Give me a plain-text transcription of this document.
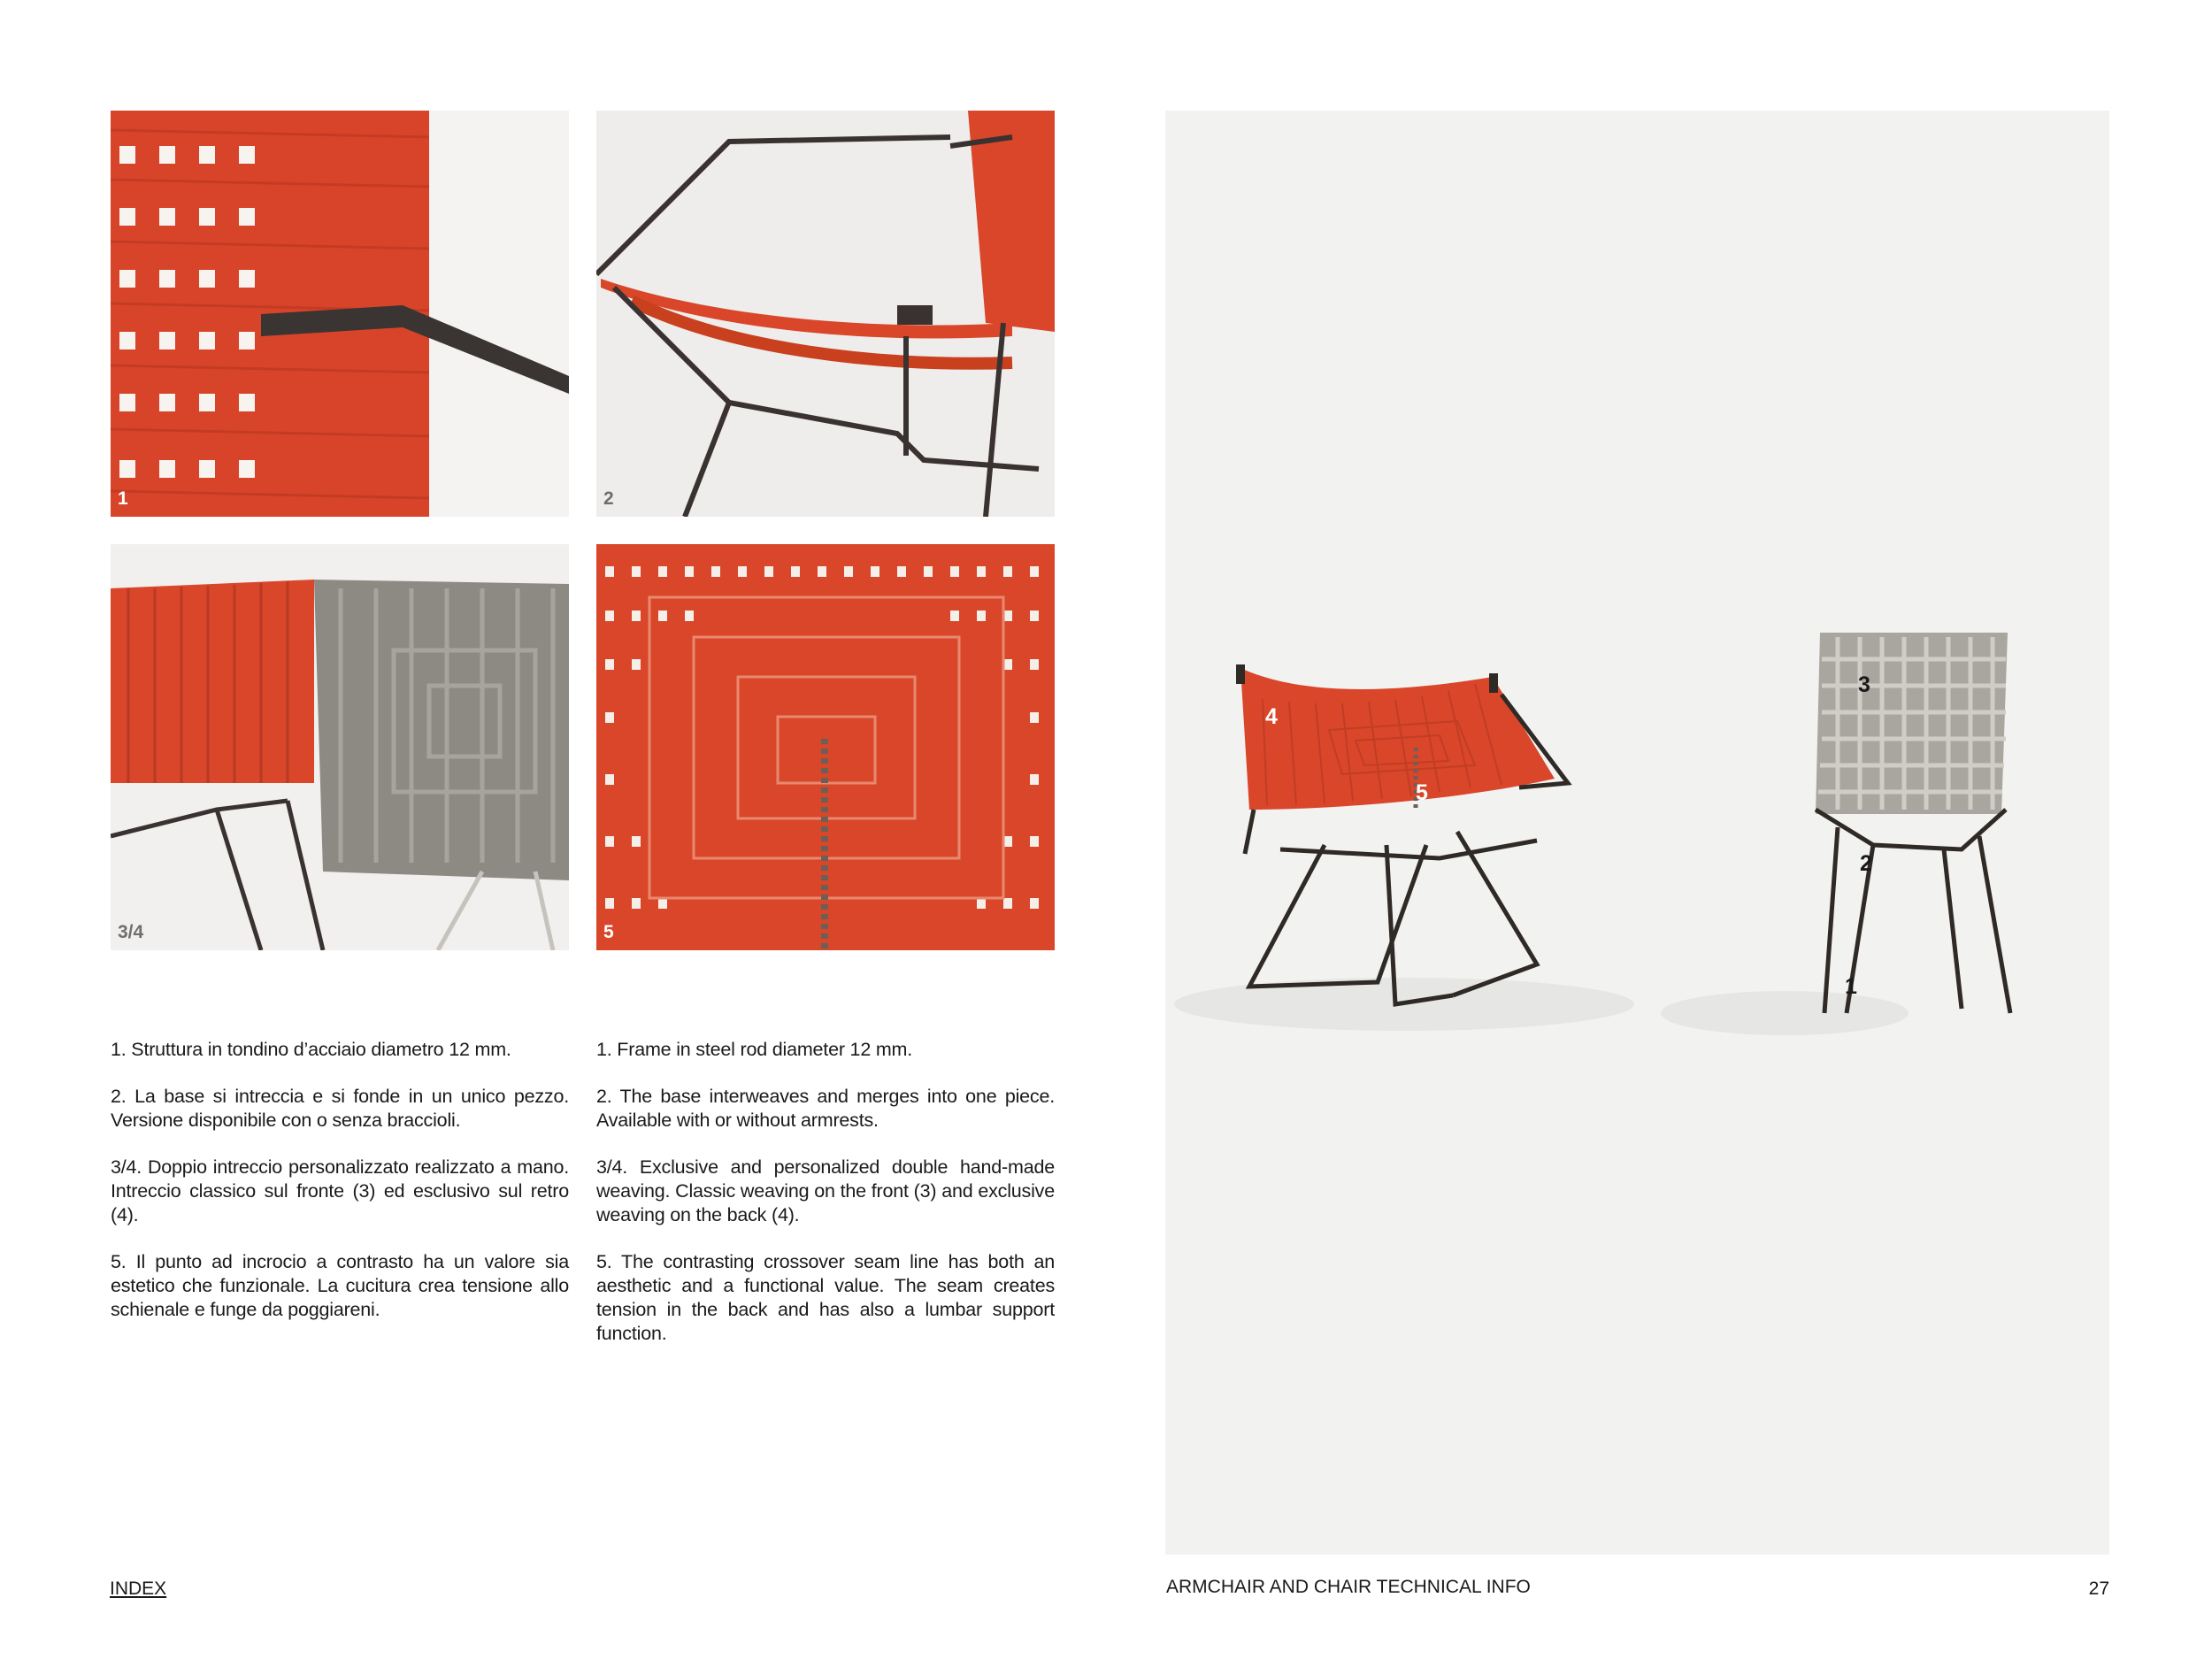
1	2
3/4	5

1. Struttura in tondino d’acciaio diametro 12 mm.

2. La base si intreccia e si fonde in un unico pezzo. Versione disponibile con o senza braccioli.

3/4. Doppio intreccio personalizzato realizzato a mano. Intreccio classico sul fronte (3) ed esclusivo sul retro (4).

5. Il punto ad incrocio a contrasto ha un valore sia estetico che funzionale. La cucitura crea tensione allo schienale e funge da poggiareni.

1. Frame in steel rod diameter 12 mm.

2. The base interweaves and merges into one piece. Available with or without armrests.

3/4. Exclusive and personalized double hand-made weaving. Classic weaving on the front (3) and exclusive weaving on the back (4).

5. The contrasting crossover seam line has both an aesthetic and a functional value. The seam creates tension in the back and has also a lumbar support function.

4
5
3
2
1
INDEX	ARMCHAIR AND CHAIR TECHNICAL INFO	27
